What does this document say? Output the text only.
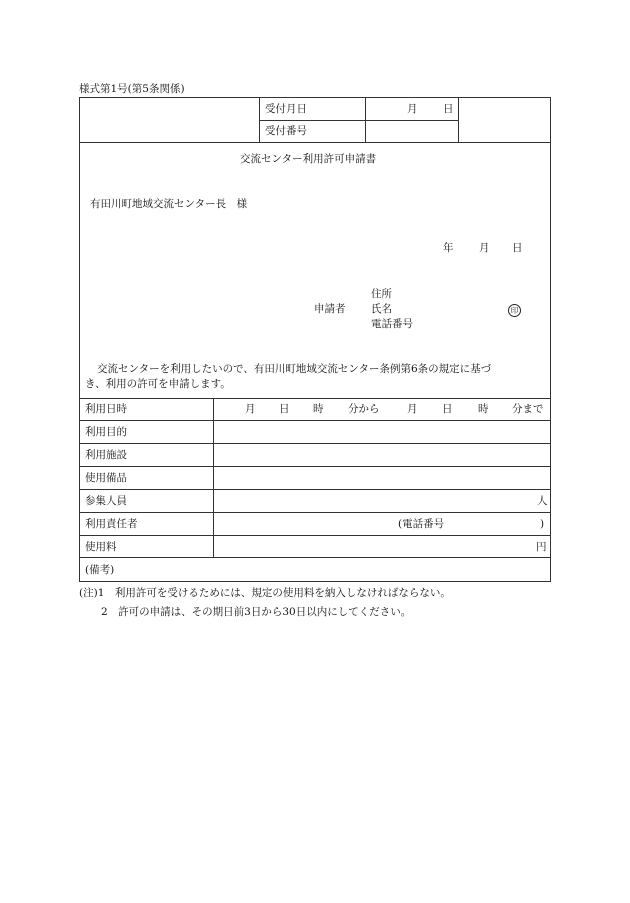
様式第1号(第5条関係)
受付月日	月 日
受付番号
交流センター利用許可申請書
有田川町地域交流センター長　様
年 月 日
申請者
住所
氏名
電話番号
印
交流センターを利用したいので、有田川町地域交流センター条例第6条の規定に基づ
き、利用の許可を申請します。
利用日時	月 日 時 分から	月 日 時 分まで
利用目的
利用施設
使用備品
参集人員	人
利用責任者	(電話番号	)
使用料	円
(備考)
(注)1　利用許可を受けるためには、規定の使用料を納入しなければならない。
2　許可の申請は、その期日前3日から30日以内にしてください。
